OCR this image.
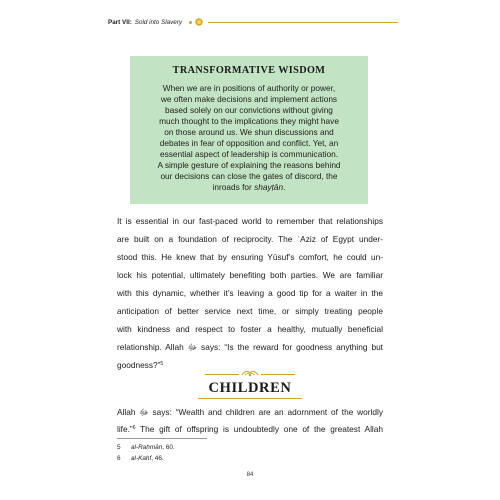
Part VII: Sold into Slavery
TRANSFORMATIVE WISDOM
When we are in positions of authority or power,
we often make decisions and implement actions
based solely on our convictions without giving
much thought to the implications they might have
on those around us. We shun discussions and
debates in fear of opposition and conflict. Yet, an
essential aspect of leadership is communication.
A simple gesture of explaining the reasons behind
our decisions can close the gates of discord, the
inroads for shayṭān.
It is essential in our fast-paced world to remember that relationships
are built on a foundation of reciprocity. The ʿAziz of Egypt under-
stood this. He knew that by ensuring Yūsuf’s comfort, he could un-
lock his potential, ultimately benefiting both parties. We are familiar
with this dynamic, whether it’s leaving a good tip for a waiter in the
anticipation of better service next time, or simply treating people
with kindness and respect to foster a healthy, mutually beneficial
relationship. Allah ﷻ says: “Is the reward for goodness anything but
goodness?”$^5$
CHILDREN
Allah ﷻ says: “Wealth and children are an adornment of the worldly
life.”$^6$ The gift of offspring is undoubtedly one of the greatest Allah
5 al-Raḥmān, 60.
6 al-Kahf, 46.
84
